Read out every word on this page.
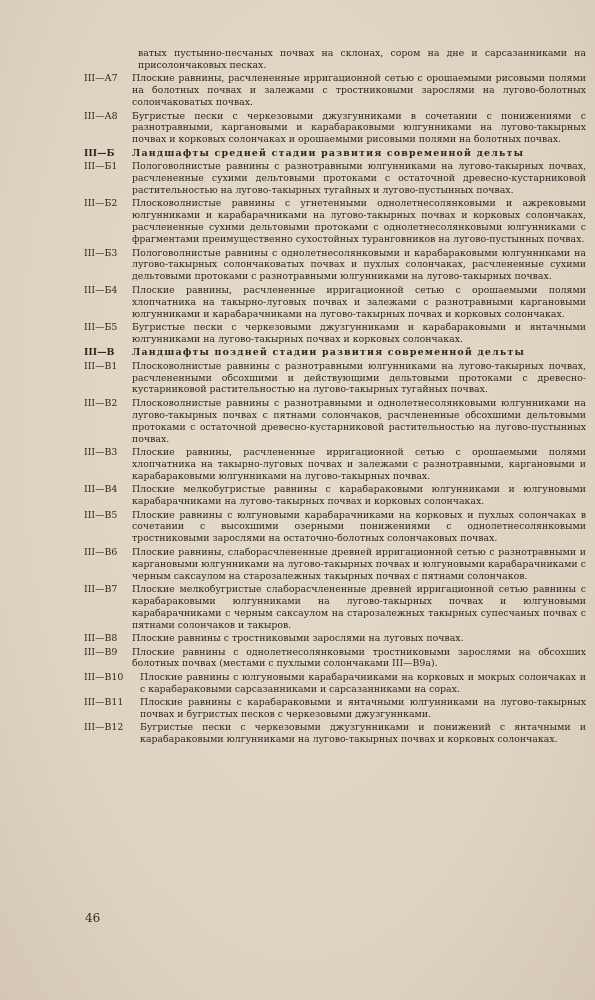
ватых пустынно-песчаных почвах на склонах, сором на дне и сарсазанниками на присолончаковых песках.
III—А7	Плоские равнины, расчлененные ирригационной сетью с орошаемыми рисовыми полями на болотных почвах и залежами с тростниковыми зарослями на лугово-болотных солончаковатых почвах.
III—А8	Бугристые пески с черкезовыми джузгунниками в сочетании с понижениями с разнотравными, каргановыми и карабараковыми юлгунниками на лугово-такырных почвах и корковых солончаках и орошаемыми рисовыми полями на болотных почвах.
III—Б	Ландшафты средней стадии развития современной дельты
III—Б1	Пологоволнистые равнины с разнотравными юлгунниками на лугово-такырных почвах, расчлененные сухими дельтовыми протоками с остаточной древесно-кустарниковой растительностью на лугово-такырных тугайных и лугово-пустынных почвах.
III—Б2	Плосковолнистые равнины с угнетенными однолетнесолянковыми и ажрековыми юлгунниками и карабарачниками на лугово-такырных почвах и корковых солончаках, расчлененные сухими дельтовыми протоками с однолетнесолянковыми юлгунниками с фрагментами преимущественно сухостойных туранговников на лугово-пустынных почвах.
III—Б3	Пологоволнистые равнины с однолетнесолянковыми и карабараковыми юлгунниками на лугово-такырных солончаковатых почвах и пухлых солончаках, расчлененные сухими дельтовыми протоками с разнотравными юлгунниками на лугово-такырных почвах.
III—Б4	Плоские равнины, расчлененные ирригационной сетью с орошаемыми полями хлопчатника на такырно-луговых почвах и залежами с разнотравными каргановыми юлгунниками и карабарачниками на лугово-такырных почвах и корковых солончаках.
III—Б5	Бугристые пески с черкезовыми джузгунниками и карабараковыми и янтачными юлгунниками на лугово-такырных почвах и корковых солончаках.
III—В	Ландшафты поздней стадии развития современной дельты
III—В1	Плосковолнистые равнины с разнотравными юлгунниками на лугово-такырных почвах, расчлененными обсохшими и действующими дельтовыми протоками с древесно-кустарниковой растительностью на лугово-такырных тугайных почвах.
III—В2	Плосковолнистые равнины с разнотравными и однолетнесолянковыми юлгунниками на лугово-такырных почвах с пятнами солончаков, расчлененные обсохшими дельтовыми протоками с остаточной древесно-кустарниковой растительностью на лугово-пустынных почвах.
III—В3	Плоские равнины, расчлененные ирригационной сетью с орошаемыми полями хлопчатника на такырно-луговых почвах и залежами с разнотравными, каргановыми и карабараковыми юлгунниками на лугово-такырных почвах.
III—В4	Плоские мелкобугристые равнины с карабараковыми юлгунниками и юлгуновыми карабарачниками на лугово-такырных почвах и корковых солончаках.
III—В5	Плоские равнины с юлгуновыми карабарачниками на корковых и пухлых солончаках в сочетании с высохшими озерными понижениями с однолетнесолянковыми тростниковыми зарослями на остаточно-болотных солончаковых почвах.
III—В6	Плоские равнины, слаборасчлененные древней ирригационной сетью с разнотравными и каргановыми юлгунниками на лугово-такырных почвах и юлгуновыми карабарачниками с черным саксаулом на старозалежных такырных почвах с пятнами солончаков.
III—В7	Плоские мелкобугристые слаборасчлененные древней ирригационной сетью равнины с карабараковыми юлгунниками на лугово-такырных почвах и юлгуновыми карабарачниками с черным саксаулом на старозалежных такырных супесчаных почвах с пятнами солончаков и такыров.
III—В8	Плоские равнины с тростниковыми зарослями на луговых почвах.
III—В9	Плоские равнины с однолетнесолянковыми тростниковыми зарослями на обсохших болотных почвах (местами с пухлыми солончаками III—В9а).
III—В10	Плоские равнины с юлгуновыми карабарачниками на корковых и мокрых солончаках и с карабараковыми сарсазанниками и сарсазанниками на сорах.
III—В11	Плоские равнины с карабараковыми и янтачными юлгунниками на лугово-такырных почвах и бугристых песков с черкезовыми джузгуннками.
III—В12	Бугристые пески с черкезовыми джузгунниками и понижений с янтачными и карабараковыми юлгунниками на лугово-такырных почвах и корковых солончаках.
46
